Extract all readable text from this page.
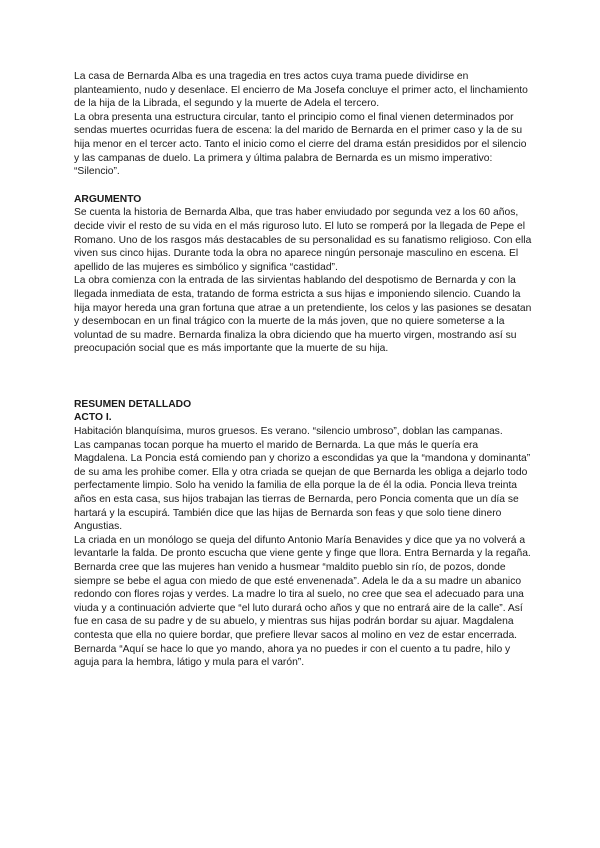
La casa de Bernarda Alba es una tragedia en tres actos cuya trama puede dividirse en planteamiento, nudo y desenlace. El encierro de Ma Josefa concluye el primer acto, el linchamiento de la hija de la Librada, el segundo y la muerte de Adela el tercero.

La obra presenta una estructura circular, tanto el principio como el final vienen determinados por sendas muertes ocurridas fuera de escena: la del marido de Bernarda en el primer caso y la de su hija menor en el tercer acto. Tanto el inicio como el cierre del drama están presididos por el silencio y las campanas de duelo. La primera y última palabra de Bernarda es un mismo imperativo: “Silencio”.

ARGUMENTO

Se cuenta la historia de Bernarda Alba, que tras haber enviudado por segunda vez a los 60 años, decide vivir el resto de su vida en el más riguroso luto. El luto se romperá por la llegada de Pepe el Romano. Uno de los rasgos más destacables de su personalidad es su fanatismo religioso. Con ella viven sus cinco hijas. Durante toda la obra no aparece ningún personaje masculino en escena. El apellido de las mujeres es simbólico y significa “castidad”.

La obra comienza con la entrada de las sirvientas hablando del despotismo de Bernarda y con la llegada inmediata de esta, tratando de forma estricta a sus hijas e imponiendo silencio. Cuando la hija mayor hereda una gran fortuna que atrae a un pretendiente, los celos y las pasiones se desatan y desembocan en un final trágico con la muerte de la más joven, que no quiere someterse a la voluntad de su madre. Bernarda finaliza la obra diciendo que ha muerto virgen, mostrando así su preocupación social que es más importante que la muerte de su hija.

RESUMEN DETALLADO

ACTO I.

Habitación blanquísima, muros gruesos. Es verano. “silencio umbroso”, doblan las campanas.

Las campanas tocan porque ha muerto el marido de Bernarda. La que más le quería era Magdalena. La Poncia está comiendo pan y chorizo a escondidas ya que la “mandona y dominanta” de su ama les prohibe comer. Ella y otra criada se quejan de que Bernarda les obliga a dejarlo todo perfectamente limpio. Solo ha venido la familia de ella porque la de él la odia. Poncia lleva treinta años en esta casa, sus hijos trabajan las tierras de Bernarda, pero Poncia comenta que un día se hartará y la escupirá. También dice que las hijas de Bernarda son feas y que solo tiene dinero Angustias.

La criada en un monólogo se queja del difunto Antonio María Benavides y dice que ya no volverá a levantarle la falda. De pronto escucha que viene gente y finge que llora. Entra Bernarda y la regaña.

Bernarda cree que las mujeres han venido a husmear “maldito pueblo sin río, de pozos, donde siempre se bebe el agua con miedo de que esté envenenada”. Adela le da a su madre un abanico redondo con flores rojas y verdes. La madre lo tira al suelo, no cree que sea el adecuado para una viuda y a continuación advierte que “el luto durará ocho años y que no entrará aire de la calle”. Así fue en casa de su padre y de su abuelo, y mientras sus hijas podrán bordar su ajuar. Magdalena contesta que ella no quiere bordar, que prefiere llevar sacos al molino en vez de estar encerrada. Bernarda “Aquí se hace lo que yo mando, ahora ya no puedes ir con el cuento a tu padre, hilo y aguja para la hembra, látigo y mula para el varón”.
